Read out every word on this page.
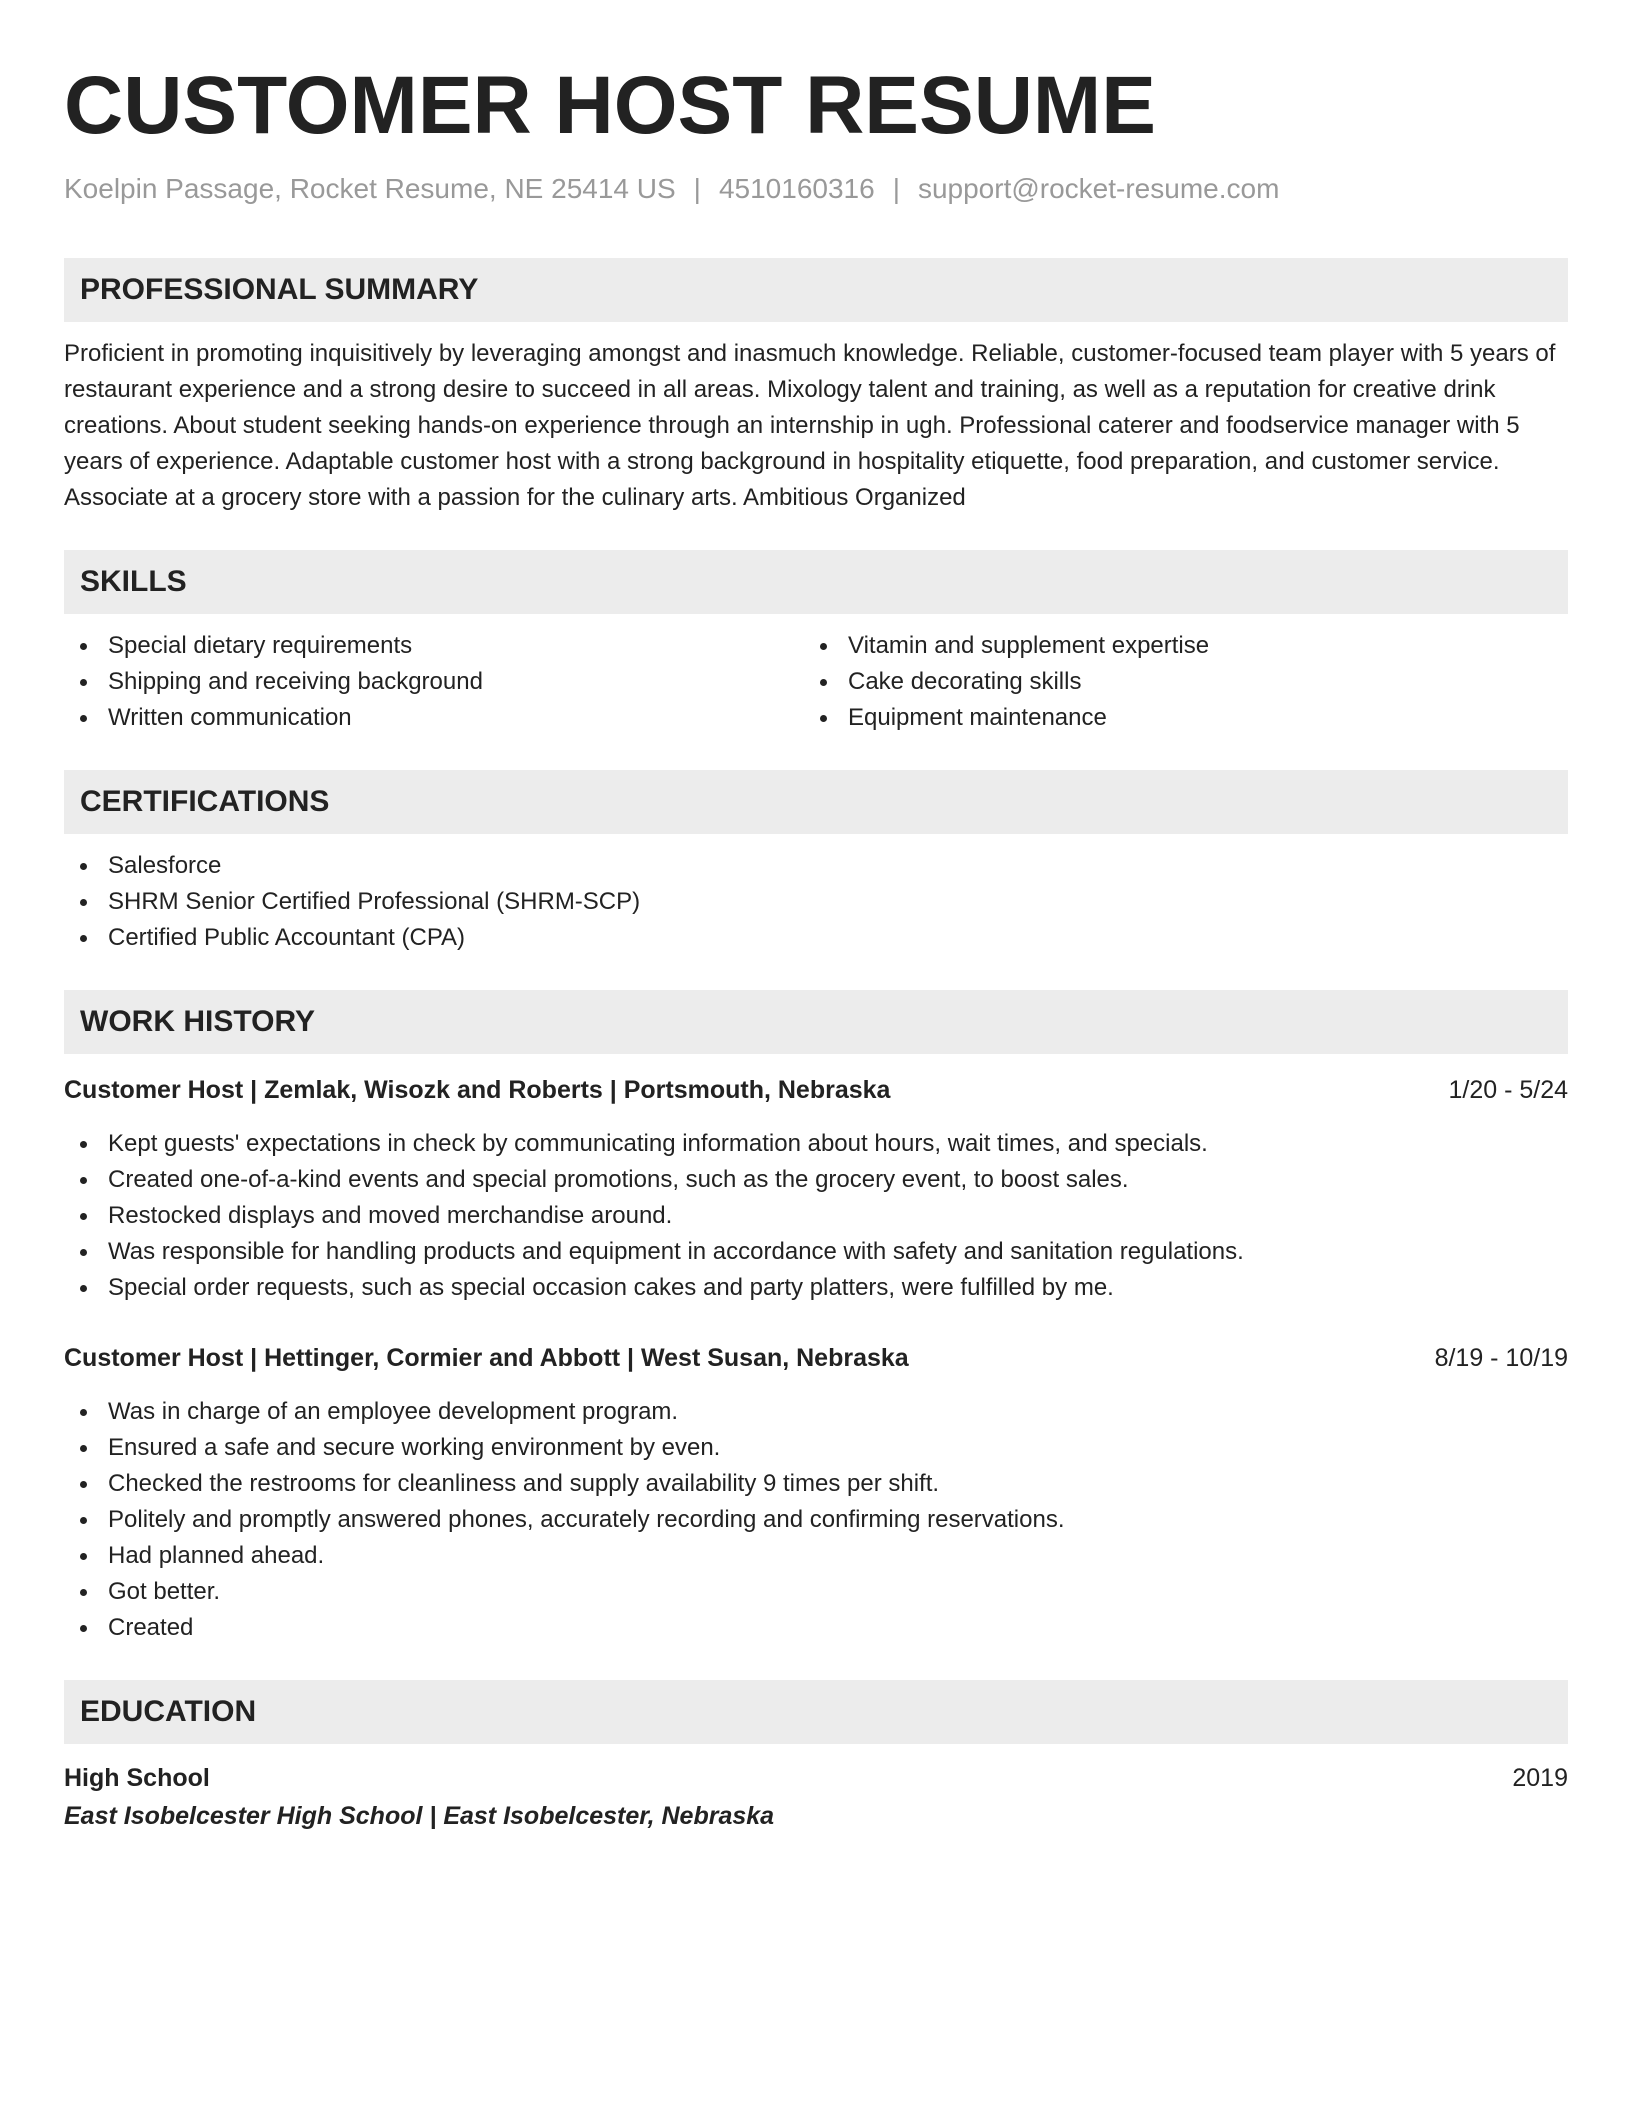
CUSTOMER HOST RESUME
Koelpin Passage, Rocket Resume, NE 25414 US | 4510160316 | support@rocket-resume.com
PROFESSIONAL SUMMARY
Proficient in promoting inquisitively by leveraging amongst and inasmuch knowledge. Reliable, customer-focused team player with 5 years of restaurant experience and a strong desire to succeed in all areas. Mixology talent and training, as well as a reputation for creative drink creations. About student seeking hands-on experience through an internship in ugh. Professional caterer and foodservice manager with 5 years of experience. Adaptable customer host with a strong background in hospitality etiquette, food preparation, and customer service. Associate at a grocery store with a passion for the culinary arts. Ambitious Organized
SKILLS
Special dietary requirements
Shipping and receiving background
Written communication
Vitamin and supplement expertise
Cake decorating skills
Equipment maintenance
CERTIFICATIONS
Salesforce
SHRM Senior Certified Professional (SHRM-SCP)
Certified Public Accountant (CPA)
WORK HISTORY
Customer Host | Zemlak, Wisozk and Roberts | Portsmouth, Nebraska	1/20 - 5/24
Kept guests' expectations in check by communicating information about hours, wait times, and specials.
Created one-of-a-kind events and special promotions, such as the grocery event, to boost sales.
Restocked displays and moved merchandise around.
Was responsible for handling products and equipment in accordance with safety and sanitation regulations.
Special order requests, such as special occasion cakes and party platters, were fulfilled by me.
Customer Host | Hettinger, Cormier and Abbott | West Susan, Nebraska	8/19 - 10/19
Was in charge of an employee development program.
Ensured a safe and secure working environment by even.
Checked the restrooms for cleanliness and supply availability 9 times per shift.
Politely and promptly answered phones, accurately recording and confirming reservations.
Had planned ahead.
Got better.
Created
EDUCATION
High School	2019
East Isobelcester High School | East Isobelcester, Nebraska
